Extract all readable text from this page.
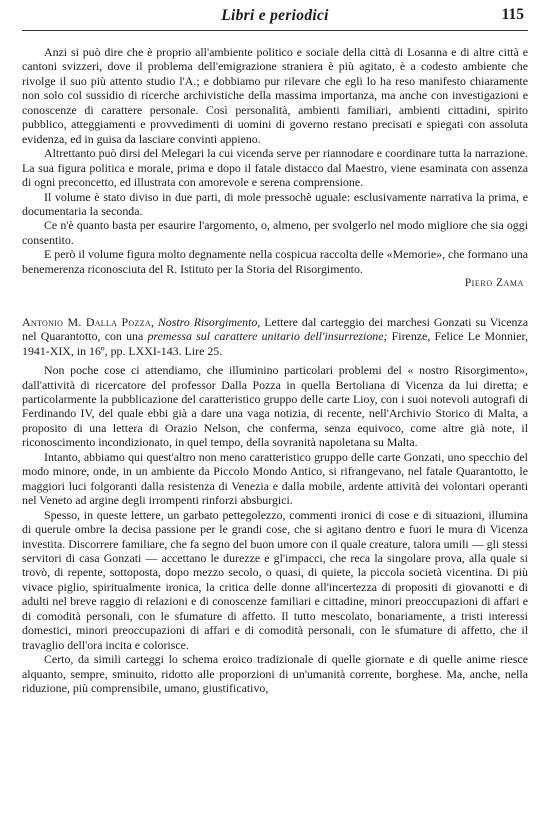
Libri e periodici	115

Anzi si può dire che è proprio all'ambiente politico e sociale della città di Losanna e di altre città e cantoni svizzeri, dove il problema dell'emigrazione straniera è più agitato, è a codesto ambiente che rivolge il suo più attento studio l'A.; e dobbiamo pur rilevare che egli lo ha reso manifesto chiaramente non solo col sussidio di ricerche archivistiche della massima importanza, ma anche con investigazioni e conoscenze di carattere personale. Così personalità, ambienti familiari, ambienti cittadini, spirito pubblico, atteggiamenti e provvedimenti di uomini di governo restano precisati e spiegati con assoluta evidenza, ed in guisa da lasciare convinti appieno.

Altrettanto può dirsi del Melegari la cui vicenda serve per riannodare e coordinare tutta la narrazione. La sua figura politica e morale, prima e dopo il fatale distacco dal Maestro, viene esaminata con assenza di ogni preconcetto, ed illustrata con amorevole e serena comprensione.

Il volume è stato diviso in due parti, di mole pressochè uguale: esclusivamente narrativa la prima, e documentaria la seconda.

Ce n'è quanto basta per esaurire l'argomento, o, almeno, per svolgerlo nel modo migliore che sia oggi consentito.

E però il volume figura molto degnamente nella cospicua raccolta delle «Memorie», che formano una benemerenza riconosciuta del R. Istituto per la Storia del Risorgimento.

Piero Zama
Antonio M. Dalla Pozza, Nostro Risorgimento, Lettere dal carteggio dei marchesi Gonzati su Vicenza nel Quarantotto, con una premessa sul carattere unitario dell'insurrezione; Firenze, Felice Le Monnier, 1941-XIX, in 16º, pp. LXXI-143. Lire 25.

Non poche cose ci attendiamo, che illuminino particolari problemi del « nostro Risorgimento», dall'attività di ricercatore del professor Dalla Pozza in quella Bertoliana di Vicenza da lui diretta; e particolarmente la pubblicazione del caratteristico gruppo delle carte Lioy, con i suoi notevoli autografi di Ferdinando IV, del quale ebbi già a dare una vaga notizia, di recente, nell'Archivio Storico di Malta, a proposito di una lettera di Orazio Nelson, che conferma, senza equivoco, come altre già note, il riconoscimento incondizionato, in quel tempo, della sovranità napoletana su Malta.

Intanto, abbiamo qui quest'altro non meno caratteristico gruppo delle carte Gonzati, uno specchio del modo minore, onde, in un ambiente da Piccolo Mondo Antico, si rifrangevano, nel fatale Quarantotto, le maggiori luci folgoranti dalla resistenza di Venezia e dalla mobile, ardente attività dei volontari operanti nel Veneto ad argine degli irrompenti rinforzi absburgici.

Spesso, in queste lettere, un garbato pettegolezzo, commenti ironici di cose e di situazioni, illumina di querule ombre la decisa passione per le grandi cose, che si agitano dentro e fuori le mura di Vicenza investita. Discorrere familiare, che fa segno del buon umore con il quale creature, talora umili — gli stessi servitori di casa Gonzati — accettano le durezze e gl'impacci, che reca la singolare prova, alla quale si trovò, di repente, sottoposta, dopo mezzo secolo, o quasi, di quiete, la piccola società vicentina. Di più vivace piglio, spiritualmente ironica, la critica delle donne all'incertezza di propositi di giovanotti e di adulti nel breve raggio di relazioni e di conoscenze familiari e cittadine, minori preoccupazioni di affari e di comodità personali, con le sfumature di affetto. Il tutto mescolato, bonariamente, a tristi interessi domestici, minori preoccupazioni di affari e di comodità personali, con le sfumature di affetto, che il travaglio dell'ora incita e colorisce.

Certo, da simili carteggi lo schema eroico tradizionale di quelle giornate e di quelle anime riesce alquanto, sempre, sminuito, ridotto alle proporzioni di un'umanità corrente, borghese. Ma, anche, nella riduzione, più comprensibile, umano, giustificativo,
